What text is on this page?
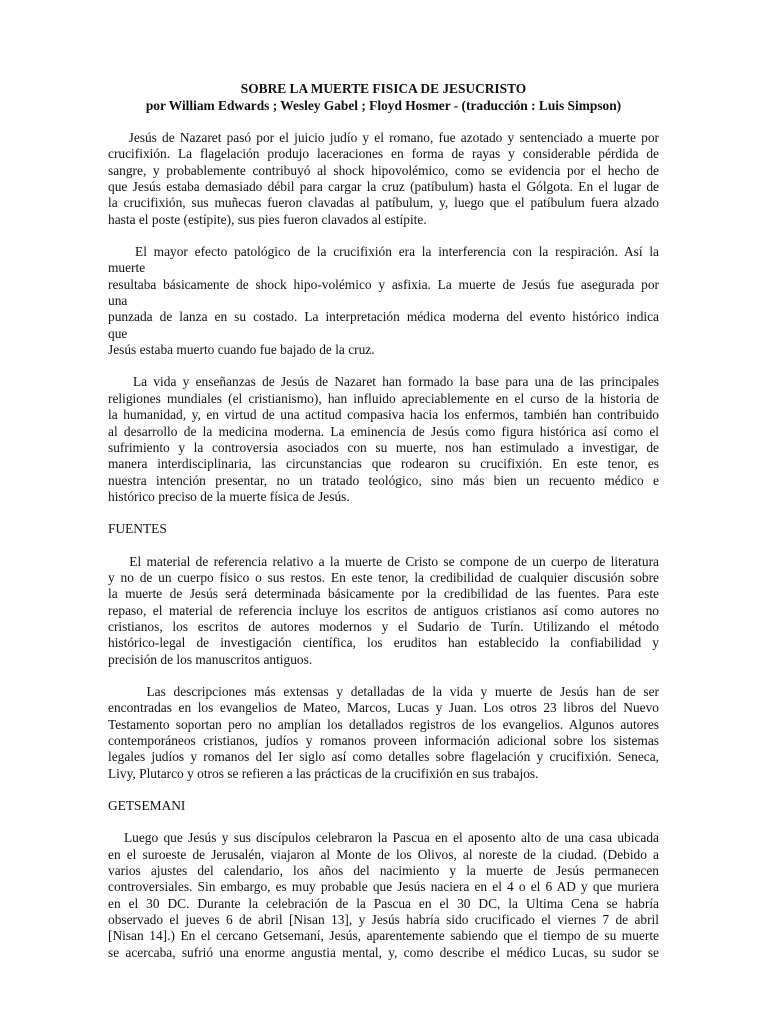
SOBRE LA MUERTE FISICA DE JESUCRISTO
por William Edwards ; Wesley Gabel ; Floyd Hosmer - (traducción : Luis Simpson)
Jesús de Nazaret pasó por el juicio judío y el romano, fue azotado y sentenciado a muerte por
crucifixión. La flagelación produjo laceraciones en forma de rayas y considerable pérdida de
sangre, y probablemente contribuyó al shock hipovolémico, como se evidencia por el hecho de
que Jesús estaba demasiado débil para cargar la cruz (patíbulum) hasta el Gólgota. En el lugar de
la crucifixión, sus muñecas fueron clavadas al patíbulum, y, luego que el patíbulum fuera alzado
hasta el poste (estípite), sus pies fueron clavados al estípite.
El mayor efecto patológico de la crucifixión era la interferencia con la respiración. Así la
muerte
resultaba básicamente de shock hipo-volémico y asfixia. La muerte de Jesús fue asegurada por
una
punzada de lanza en su costado. La interpretación médica moderna del evento histórico indica
que
Jesús estaba muerto cuando fue bajado de la cruz.
La vida y enseñanzas de Jesús de Nazaret han formado la base para una de las principales
religiones mundiales (el cristianismo), han influido apreciablemente en el curso de la historia de
la humanidad, y, en virtud de una actitud compasiva hacia los enfermos, también han contribuido
al desarrollo de la medicina moderna. La eminencia de Jesús como figura histórica así como el
sufrimiento y la controversia asociados con su muerte, nos han estimulado a investigar, de
manera interdisciplinaria, las circunstancias que rodearon su crucifixión. En este tenor, es
nuestra intención presentar, no un tratado teológico, sino más bien un recuento médico e
histórico preciso de la muerte física de Jesús.
FUENTES
El material de referencia relativo a la muerte de Cristo se compone de un cuerpo de literatura
y no de un cuerpo físico o sus restos. En este tenor, la credibilidad de cualquier discusión sobre
la muerte de Jesús será determinada básicamente por la credibilidad de las fuentes. Para este
repaso, el material de referencia incluye los escritos de antiguos cristianos así como autores no
cristianos, los escritos de autores modernos y el Sudario de Turín. Utilizando el método
histórico-legal de investigación científica, los eruditos han establecido la confiabilidad y
precisión de los manuscritos antiguos.
Las descripciones más extensas y detalladas de la vida y muerte de Jesús han de ser
encontradas en los evangelios de Mateo, Marcos, Lucas y Juan. Los otros 23 libros del Nuevo
Testamento soportan pero no amplían los detallados registros de los evangelios. Algunos autores
contemporáneos cristianos, judíos y romanos proveen información adicional sobre los sistemas
legales judíos y romanos del Ier siglo así como detalles sobre flagelación y crucifixión. Seneca,
Livy, Plutarco y otros se refieren a las prácticas de la crucifixión en sus trabajos.
GETSEMANI
Luego que Jesús y sus discípulos celebraron la Pascua en el aposento alto de una casa ubicada
en el suroeste de Jerusalén, viajaron al Monte de los Olivos, al noreste de la ciudad. (Debido a
varios ajustes del calendario, los años del nacimiento y la muerte de Jesús permanecen
controversiales. Sin embargo, es muy probable que Jesús naciera en el 4 o el 6 AD y que muriera
en el 30 DC. Durante la celebración de la Pascua en el 30 DC, la Ultima Cena se habría
observado el jueves 6 de abril [Nisan 13], y Jesús habría sido crucificado el viernes 7 de abril
[Nisan 14].) En el cercano Getsemaní, Jesús, aparentemente sabiendo que el tiempo de su muerte
se acercaba, sufrió una enorme angustia mental, y, como describe el médico Lucas, su sudor se
